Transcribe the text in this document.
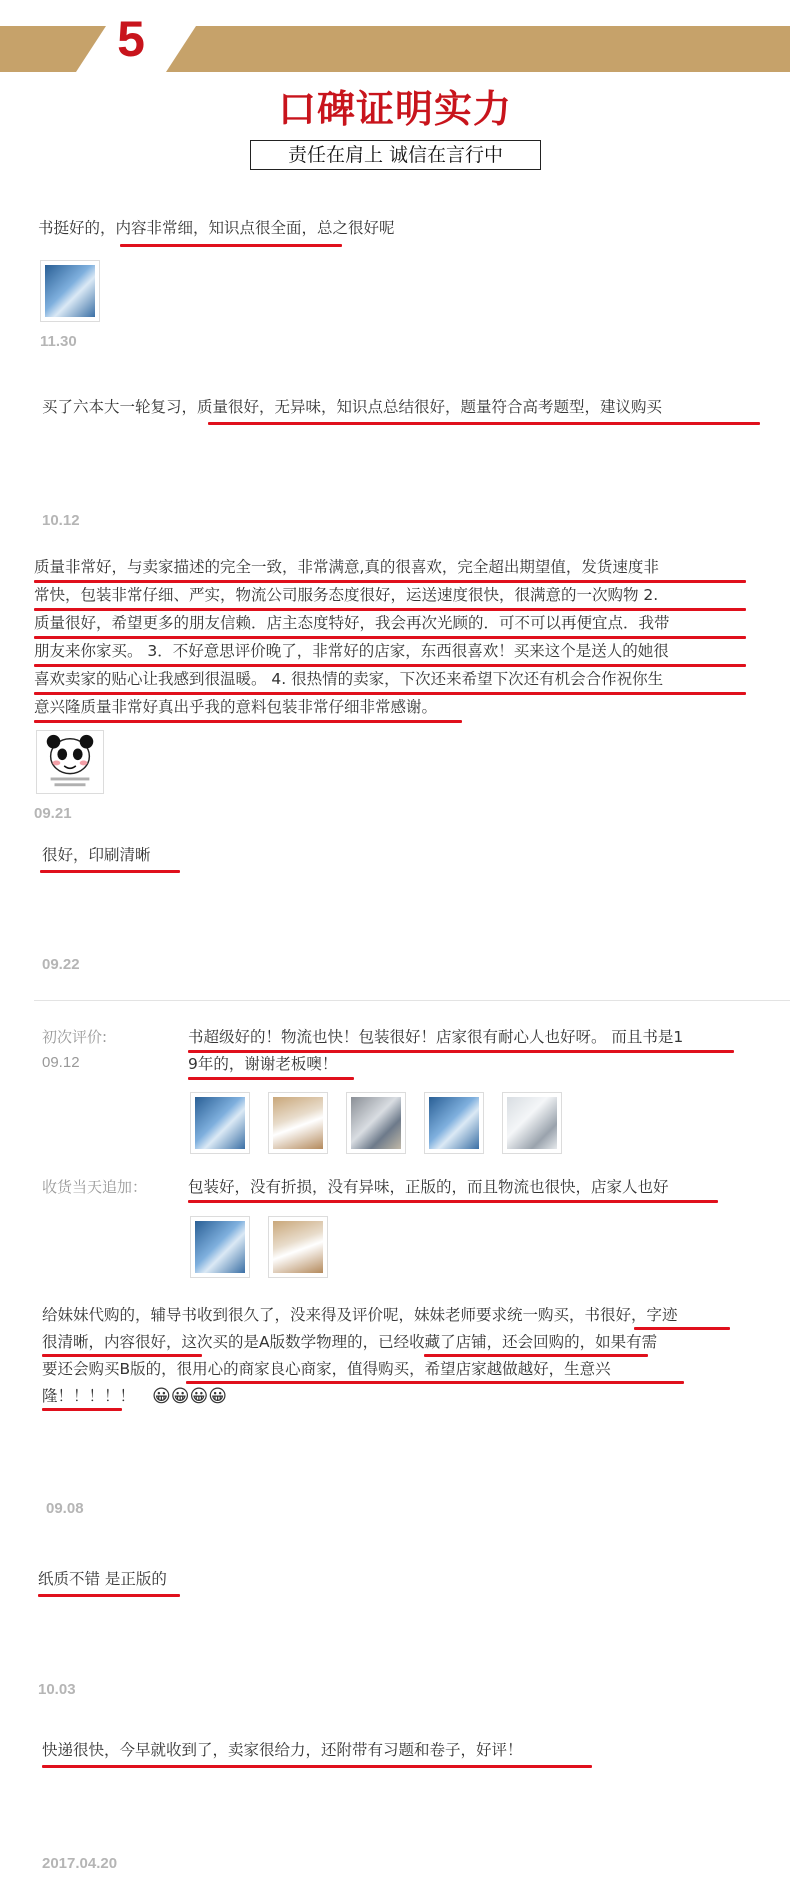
5
口碑证明实力
责任在肩上 诚信在言行中
书挺好的，内容非常细，知识点很全面，总之很好呢
11.30
买了六本大一轮复习，质量很好，无异味，知识点总结很好，题量符合高考题型，建议购买
10.12
质量非常好，与卖家描述的完全一致，非常满意,真的很喜欢，完全超出期望值，发货速度非
常快，包装非常仔细、严实，物流公司服务态度很好，运送速度很快，很满意的一次购物 2.
质量很好，希望更多的朋友信赖．店主态度特好，我会再次光顾的．可不可以再便宜点．我带
朋友来你家买。 3．不好意思评价晚了，非常好的店家，东西很喜欢！买来这个是送人的她很
喜欢卖家的贴心让我感到很温暖。 4. 很热情的卖家，下次还来希望下次还有机会合作祝你生
意兴隆质量非常好真出乎我的意料包装非常仔细非常感谢。
09.21
很好，印刷清晰
09.22
初次评价:
09.12
书超级好的！物流也快！包装很好！店家很有耐心人也好呀。 而且书是1
9年的，谢谢老板噢！
收货当天追加：	包装好，没有折损，没有异味，正版的，而且物流也很快，店家人也好
给妹妹代购的，辅导书收到很久了，没来得及评价呢，妹妹老师要求统一购买，书很好，字迹
很清晰，内容很好，这次买的是A版数学物理的，已经收藏了店铺，还会回购的，如果有需
要还会购买B版的，很用心的商家良心商家，值得购买，希望店家越做越好，生意兴
隆！！！！！ 😀😀😀😀
09.08
纸质不错 是正版的
10.03
快递很快，今早就收到了，卖家很给力，还附带有习题和卷子，好评！
2017.04.20
